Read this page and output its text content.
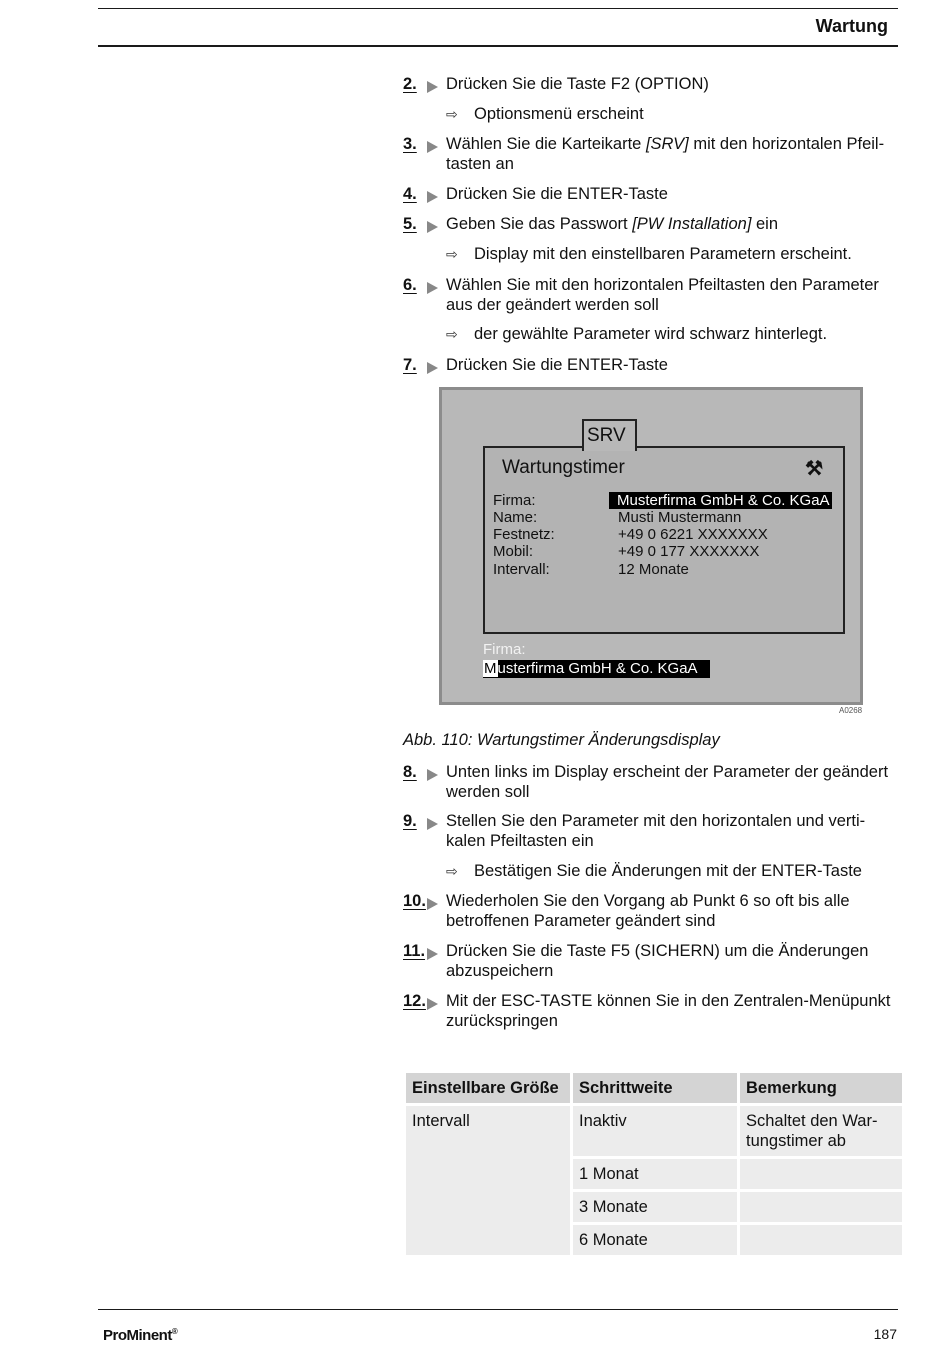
Wartung
2.	Drücken Sie die Taste F2 (OPTION)
⇨ Optionsmenü erscheint
3.	Wählen Sie die Karteikarte [SRV] mit den horizontalen Pfeil-tasten an
4.	Drücken Sie die ENTER-Taste
5.	Geben Sie das Passwort [PW Installation] ein
⇨ Display mit den einstellbaren Parametern erscheint.
6.	Wählen Sie mit den horizontalen Pfeiltasten den Parameter aus der geändert werden soll
⇨ der gewählte Parameter wird schwarz hinterlegt.
7.	Drücken Sie die ENTER-Taste
SRV
Wartungstimer	⚒
Firma:	Musterfirma GmbH & Co. KGaA
Name:	Musti Mustermann
Festnetz:	+49 0 6221 XXXXXXX
Mobil:	+49 0 177 XXXXXXX
Intervall:	12 Monate
Firma:
Musterfirma GmbH & Co. KGaA
A0268
Abb. 110: Wartungstimer Änderungsdisplay
8.	Unten links im Display erscheint der Parameter der geändert werden soll
9.	Stellen Sie den Parameter mit den horizontalen und verti-kalen Pfeiltasten ein
⇨ Bestätigen Sie die Änderungen mit der ENTER-Taste
10.	Wiederholen Sie den Vorgang ab Punkt 6 so oft bis alle betroffenen Parameter geändert sind
11.	Drücken Sie die Taste F5 (SICHERN) um die Änderungen abzuspeichern
12.	Mit der ESC-TASTE können Sie in den Zentralen-Menüpunkt zurückspringen
Einstellbare Größe	Schrittweite	Bemerkung
Intervall	Inaktiv	Schaltet den War-tungstimer ab
	1 Monat	
	3 Monate	
	6 Monate	
ProMinent®	187
